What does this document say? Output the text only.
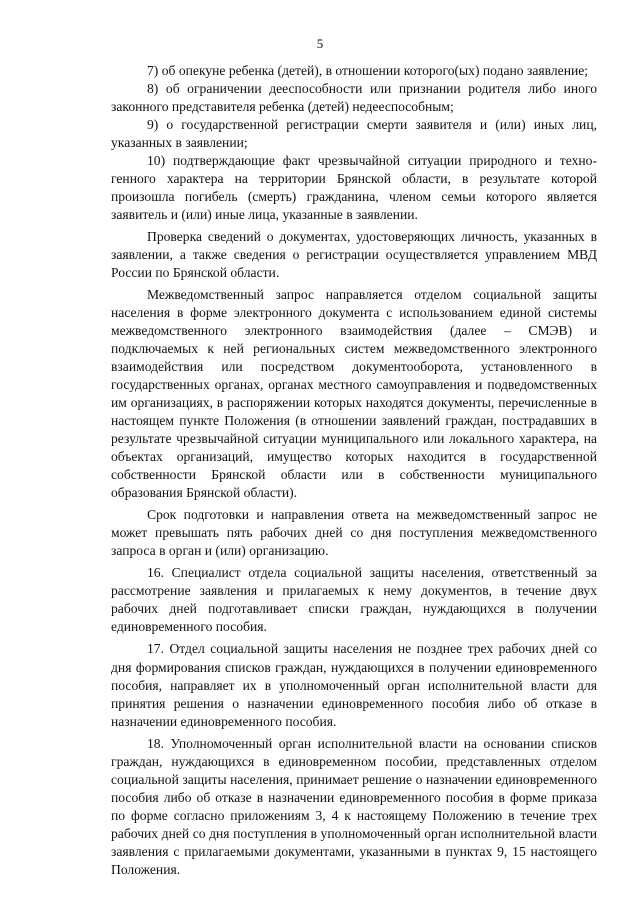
5

7) об опекуне ребенка (детей), в отношении которого(ых) подано заявление;

8) об ограничении дееспособности или признании родителя либо иного законного представителя ребенка (детей) недееспособным;

9) о государственной регистрации смерти заявителя и (или) иных лиц, указанных в заявлении;

10) подтверждающие факт чрезвычайной ситуации природного и техногенного характера на территории Брянской области, в результате которой произошла погибель (смерть) гражданина, членом семьи которого является заявитель и (или) иные лица, указанные в заявлении.

Проверка сведений о документах, удостоверяющих личность, указанных в заявлении, а также сведения о регистрации осуществляется управлением МВД России по Брянской области.

Межведомственный запрос направляется отделом социальной защиты населения в форме электронного документа с использованием единой системы межведомственного электронного взаимодействия (далее – СМЭВ) и подключаемых к ней региональных систем межведомственного электронного взаимодействия или посредством документооборота, установленного в государственных органах, органах местного самоуправления и подведомственных им организациях, в распоряжении которых находятся документы, перечисленные в настоящем пункте Положения (в отношении заявлений граждан, пострадавших в результате чрезвычайной ситуации муниципального или локального характера, на объектах организаций, имущество которых находится в государственной собственности Брянской области или в собственности муниципального образования Брянской области).

Срок подготовки и направления ответа на межведомственный запрос не может превышать пять рабочих дней со дня поступления межведомственного запроса в орган и (или) организацию.

16. Специалист отдела социальной защиты населения, ответственный за рассмотрение заявления и прилагаемых к нему документов, в течение двух рабочих дней подготавливает списки граждан, нуждающихся в получении единовременного пособия.

17. Отдел социальной защиты населения не позднее трех рабочих дней со дня формирования списков граждан, нуждающихся в получении единовременного пособия, направляет их в уполномоченный орган исполнительной власти для принятия решения о назначении единовременного пособия либо об отказе в назначении единовременного пособия.

18. Уполномоченный орган исполнительной власти на основании списков граждан, нуждающихся в единовременном пособии, представленных отделом социальной защиты населения, принимает решение о назначении единовременного пособия либо об отказе в назначении единовременного пособия в форме приказа по форме согласно приложениям 3, 4 к настоящему Положению в течение трех рабочих дней со дня поступления в уполномоченный орган исполнительной власти заявления с прилагаемыми документами, указанными в пунктах 9, 15 настоящего Положения.
